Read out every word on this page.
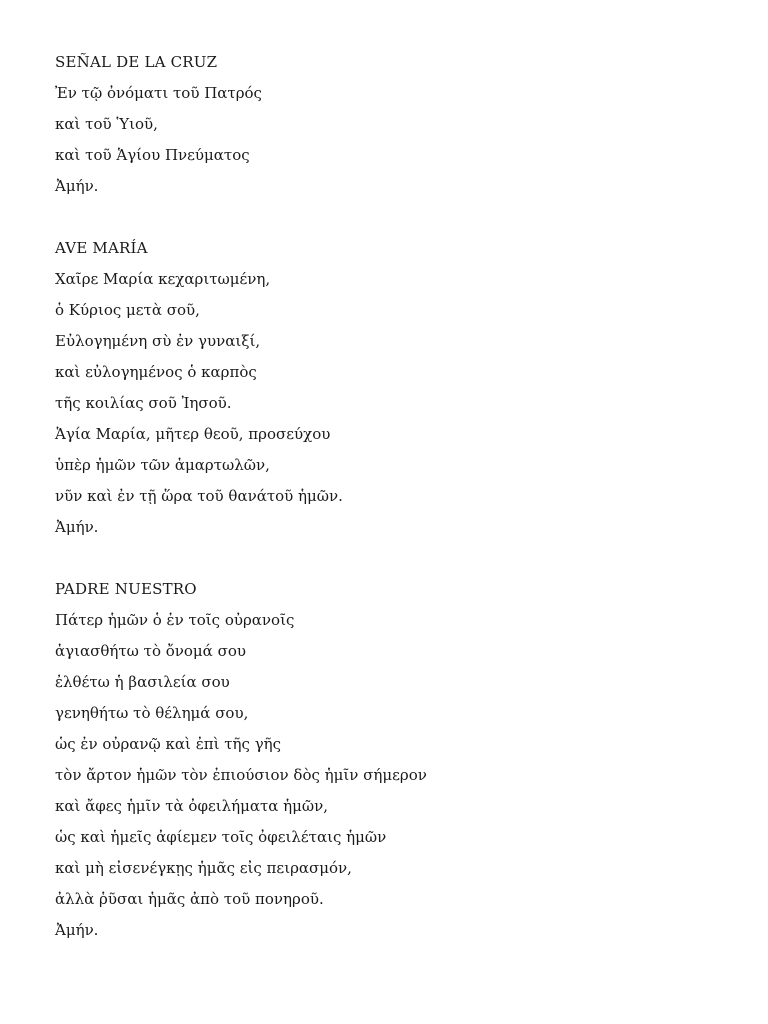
SEÑAL DE LA CRUZ
Ἐν τῷ ὀνόματι τοῦ Πατρός
καὶ τοῦ Ὑιοῦ,
καὶ τοῦ Ἁγίου Πνεύματος
Ἀμήν.
AVE MARÍA
Χαῖρε Μαρία κεχαριτωμένη,
ὁ Κύριος μετὰ σοῦ,
Εὐλογημένη σὺ ἐν γυναιξί,
καὶ εὐλογημένος ὁ καρπὸς
τῆς κοιλίας σοῦ Ἰησοῦ.
Ἁγία Μαρία, μῆτερ θεοῦ, προσεύχου
ὑπὲρ ἡμῶν τῶν ἁμαρτωλῶν,
νῦν καὶ ἐν τῇ ὥρα τοῦ θανάτοῦ ἡμῶν.
Ἀμήν.
PADRE NUESTRO
Πάτερ ἡμῶν ὁ ἐν τοῖς οὐρανοῖς
ἁγιασθήτω τὸ ὄνομά σου
ἐλθέτω ἡ βασιλεία σου
γενηθήτω τὸ θέλημά σου,
ὡς ἐν οὐρανῷ καὶ ἐπὶ τῆς γῆς
τὸν ἄρτον ἡμῶν τὸν ἐπιούσιον δὸς ἡμῖν σήμερον
καὶ ἄφες ἡμῖν τὰ ὀφειλήματα ἡμῶν,
ὡς καὶ ἡμεῖς ἀφίεμεν τοῖς ὀφειλέταις ἡμῶν
καὶ μὴ εἰσενέγκῃς ἡμᾶς εἰς πειρασμόν,
ἀλλὰ ῥῦσαι ἡμᾶς ἀπὸ τοῦ πονηροῦ.
Ἀμήν.
